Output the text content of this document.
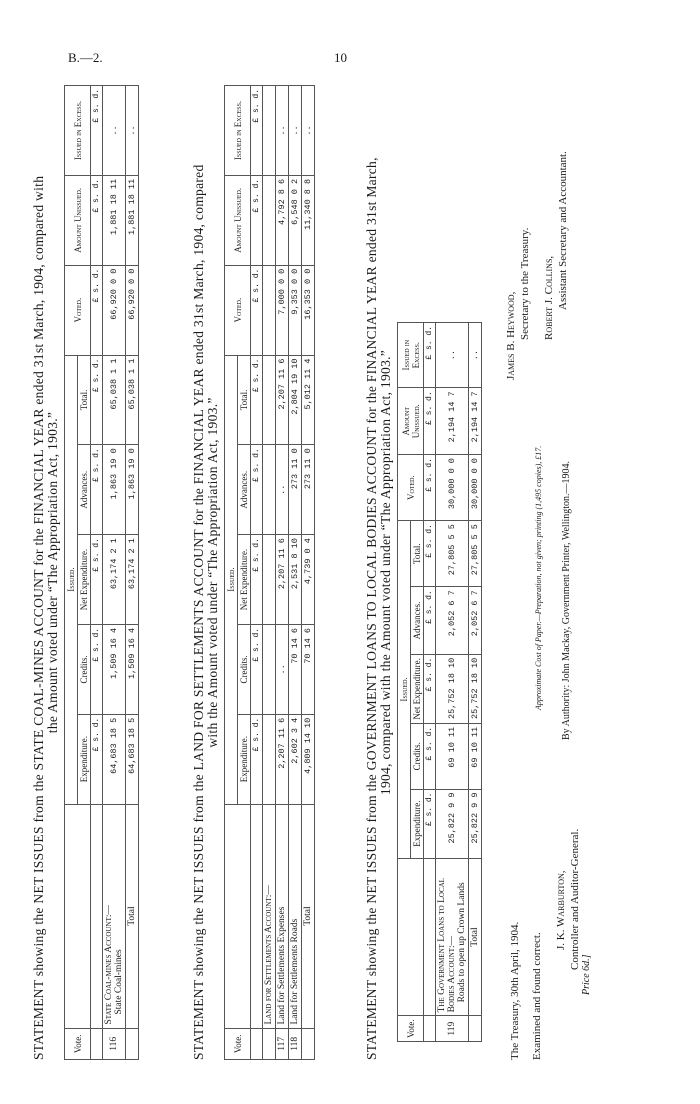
B.—2.	10
STATEMENT showing the NET ISSUES from the STATE COAL-MINES ACCOUNT for the FINANCIAL YEAR ended 31st March, 1904, compared with the Amount voted under “The Appropriation Act, 1903.”
Vote.		Issued.					Voted.	Amount Unissued.	Issued in Excess.
		Expenditure.	Credits.	Net Expenditure.	Advances.	Total.			
		£ s. d.	£ s. d.	£ s. d.	£ s. d.	£ s. d.	£ s. d.	£ s. d.	£ s. d.
116	State Coal-mines Account:— State Coal-mines	64,683 18 5	1,509 16 4	63,174 2 1	1,863 19 0	65,038 1 1	66,920 0 0	1,881 18 11	..
	Total	64,683 18 5	1,509 16 4	63,174 2 1	1,863 19 0	65,038 1 1	66,920 0 0	1,881 18 11	..
STATEMENT showing the NET ISSUES from the LAND FOR SETTLEMENTS ACCOUNT for the FINANCIAL YEAR ended 31st March, 1904, compared with the Amount voted under “The Appropriation Act, 1903.”
Vote.		Issued.					Voted.	Amount Unissued.	Issued in Excess.
		Expenditure.	Credits.	Net Expenditure.	Advances.	Total.			
		£ s. d.	£ s. d.	£ s. d.	£ s. d.	£ s. d.	£ s. d.	£ s. d.	£ s. d.
	Land for Settlements Account:—								
117	Land for Settlements Expenses	2,207 11 6	..	2,207 11 6	..	2,207 11 6	7,000 0 0	4,792 8 6	..
118	Land for Settlements Roads	2,602 3 4	70 14 6	2,531 8 10	273 11 0	2,804 19 10	9,353 0 0	6,548 0 2	..
	Total	4,809 14 10	70 14 6	4,739 0 4	273 11 0	5,012 11 4	16,353 0 0	11,340 8 8	..
STATEMENT showing the NET ISSUES from the GOVERNMENT LOANS TO LOCAL BODIES ACCOUNT for the FINANCIAL YEAR ended 31st March, 1904, compared with the Amount voted under “The Appropriation Act, 1903.”
Vote.		Issued.					Voted.	Amount Unissued.	Issued in Excess.
		Expenditure.	Credits.	Net Expenditure.	Advances.	Total.			
		£ s. d.	£ s. d.	£ s. d.	£ s. d.	£ s. d.	£ s. d.	£ s. d.	£ s. d.
119	The Government Loans to Local Bodies Account:— Roads to open up Crown Lands	25,822 9 9	69 10 11	25,752 18 10	2,052 6 7	27,805 5 5	30,000 0 0	2,194 14 7	..
	Total	25,822 9 9	69 10 11	25,752 18 10	2,052 6 7	27,805 5 5	30,000 0 0	2,194 14 7	..
The Treasury, 30th April, 1904. Examined and found correct.
J. K. Warburton, Controller and Auditor-General.
James B. Heywood, Secretary to the Treasury. Robert J. Collins, Assistant Secretary and Accountant.
Approximate Cost of Paper.—Preparation, not given; printing (1,495 copies), £17.	By Authority: John Mackay, Government Printer, Wellington.—1904.
Price 6d.]
